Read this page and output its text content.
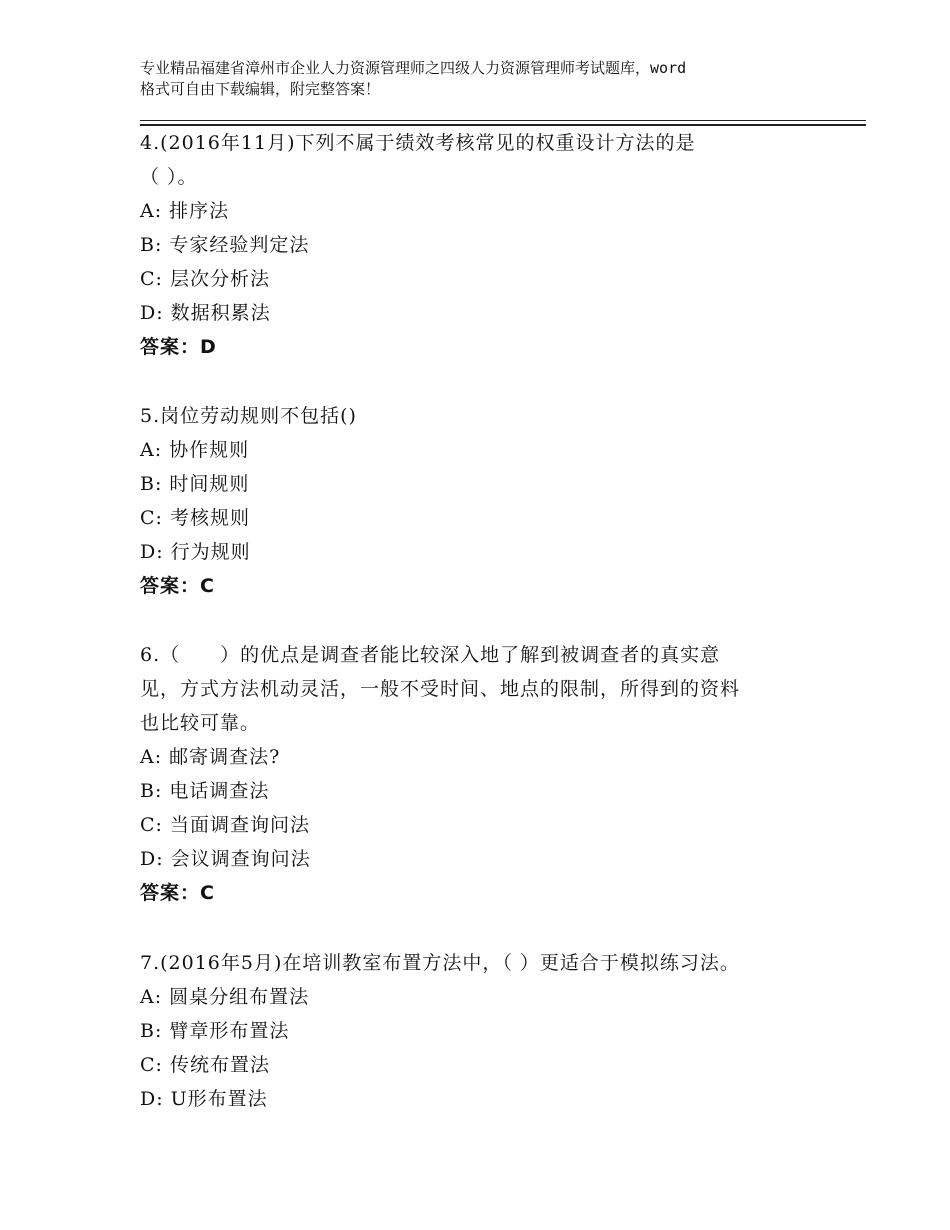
专业精品福建省漳州市企业人力资源管理师之四级人力资源管理师考试题库，word
格式可自由下载编辑，附完整答案！
4.(2016年11月)下列不属于绩效考核常见的权重设计方法的是
（ ）。
A: 排序法
B: 专家经验判定法
C: 层次分析法
D: 数据积累法
答案：D
5.岗位劳动规则不包括()
A: 协作规则
B: 时间规则
C: 考核规则
D: 行为规则
答案：C
6.（　　）的优点是调查者能比较深入地了解到被调查者的真实意
见，方式方法机动灵活，一般不受时间、地点的限制，所得到的资料
也比较可靠。
A: 邮寄调查法?
B: 电话调查法
C: 当面调查询问法
D: 会议调查询问法
答案：C
7.(2016年5月)在培训教室布置方法中，（ ）更适合于模拟练习法。
A: 圆桌分组布置法
B: 臂章形布置法
C: 传统布置法
D: U形布置法
